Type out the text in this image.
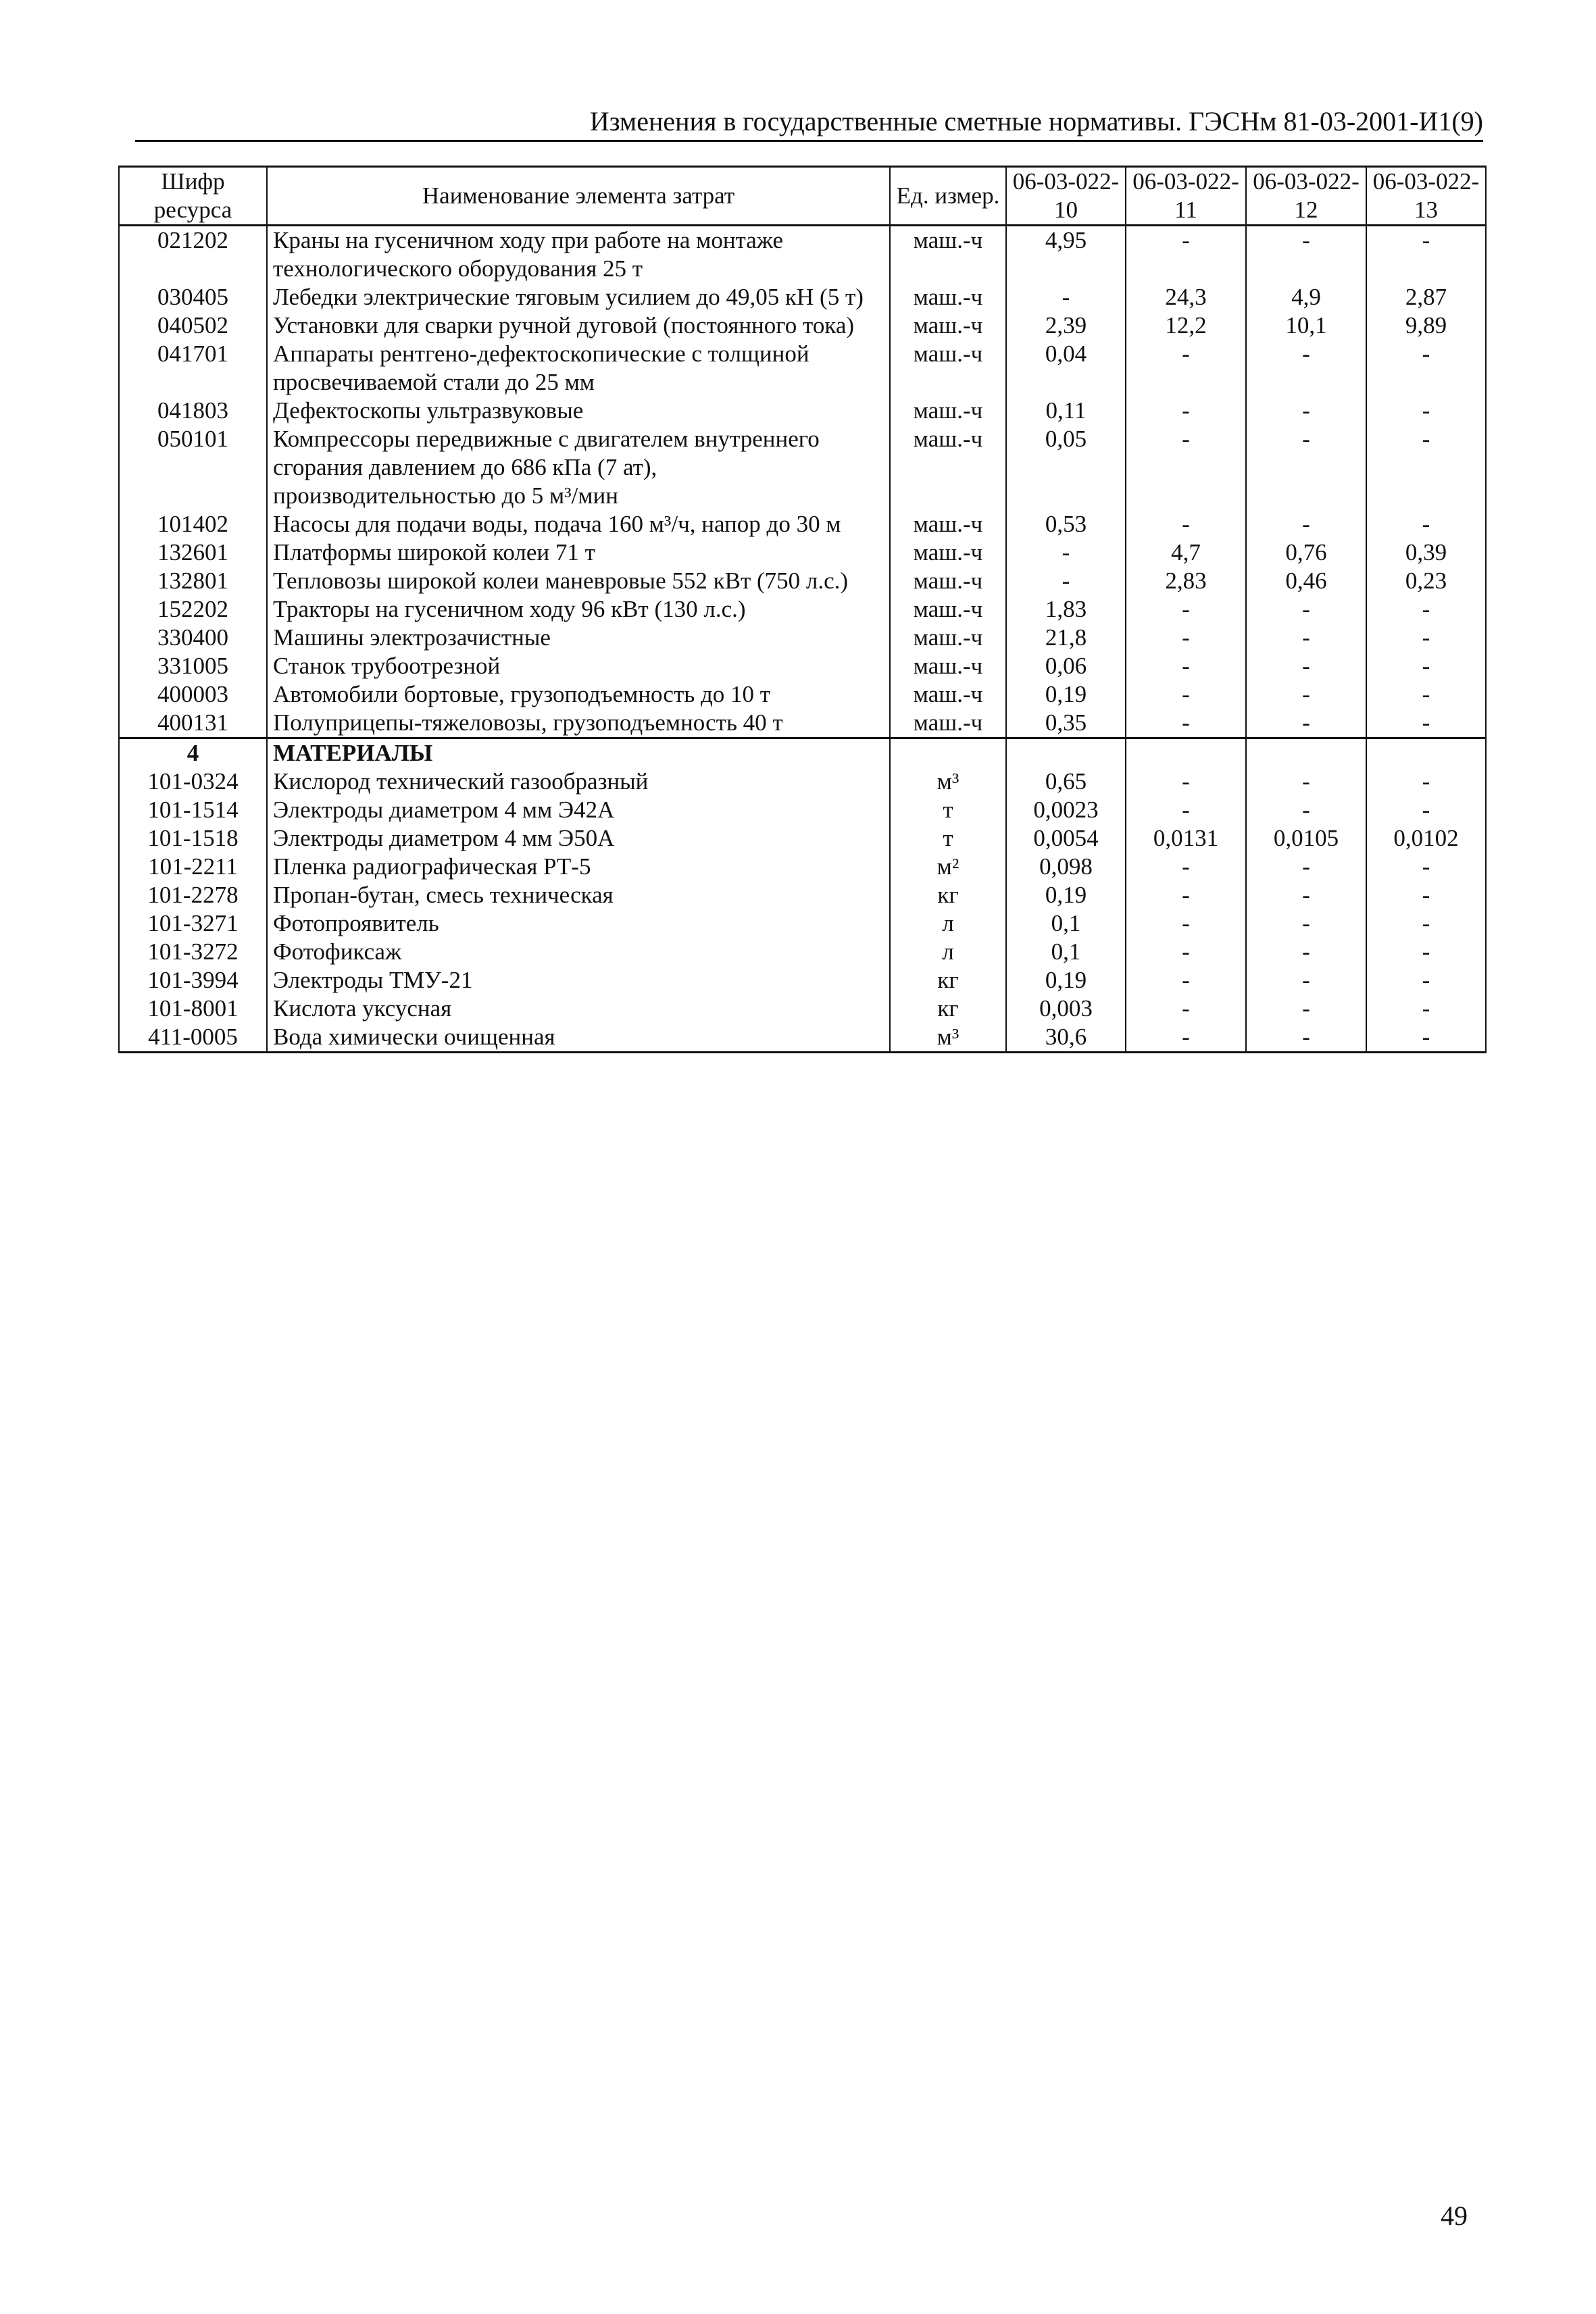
Изменения в государственные сметные нормативы. ГЭСНм 81-03-2001-И1(9)
Шифр ресурса	Наименование элемента затрат	Ед. измер.	06-03-022-10	06-03-022-11	06-03-022-12	06-03-022-13
021202	Краны на гусеничном ходу при работе на монтаже технологического оборудования 25 т	маш.-ч	4,95	-	-	-
030405	Лебедки электрические тяговым усилием до 49,05 кН (5 т)	маш.-ч	-	24,3	4,9	2,87
040502	Установки для сварки ручной дуговой (постоянного тока)	маш.-ч	2,39	12,2	10,1	9,89
041701	Аппараты рентгено-дефектоскопические с толщиной просвечиваемой стали до 25 мм	маш.-ч	0,04	-	-	-
041803	Дефектоскопы ультразвуковые	маш.-ч	0,11	-	-	-
050101	Компрессоры передвижные с двигателем внутреннего сгорания давлением до 686 кПа (7 ат), производительностью до 5 м³/мин	маш.-ч	0,05	-	-	-
101402	Насосы для подачи воды, подача 160 м³/ч, напор до 30 м	маш.-ч	0,53	-	-	-
132601	Платформы широкой колеи 71 т	маш.-ч	-	4,7	0,76	0,39
132801	Тепловозы широкой колеи маневровые 552 кВт (750 л.с.)	маш.-ч	-	2,83	0,46	0,23
152202	Тракторы на гусеничном ходу 96 кВт (130 л.с.)	маш.-ч	1,83	-	-	-
330400	Машины электрозачистные	маш.-ч	21,8	-	-	-
331005	Станок трубоотрезной	маш.-ч	0,06	-	-	-
400003	Автомобили бортовые, грузоподъемность до 10 т	маш.-ч	0,19	-	-	-
400131	Полуприцепы-тяжеловозы, грузоподъемность 40 т	маш.-ч	0,35	-	-	-
4	МАТЕРИАЛЫ					
101-0324	Кислород технический газообразный	м³	0,65	-	-	-
101-1514	Электроды диаметром 4 мм Э42А	т	0,0023	-	-	-
101-1518	Электроды диаметром 4 мм Э50А	т	0,0054	0,0131	0,0105	0,0102
101-2211	Пленка радиографическая РТ-5	м²	0,098	-	-	-
101-2278	Пропан-бутан, смесь техническая	кг	0,19	-	-	-
101-3271	Фотопроявитель	л	0,1	-	-	-
101-3272	Фотофиксаж	л	0,1	-	-	-
101-3994	Электроды ТМУ-21	кг	0,19	-	-	-
101-8001	Кислота уксусная	кг	0,003	-	-	-
411-0005	Вода химически очищенная	м³	30,6	-	-	-
49
